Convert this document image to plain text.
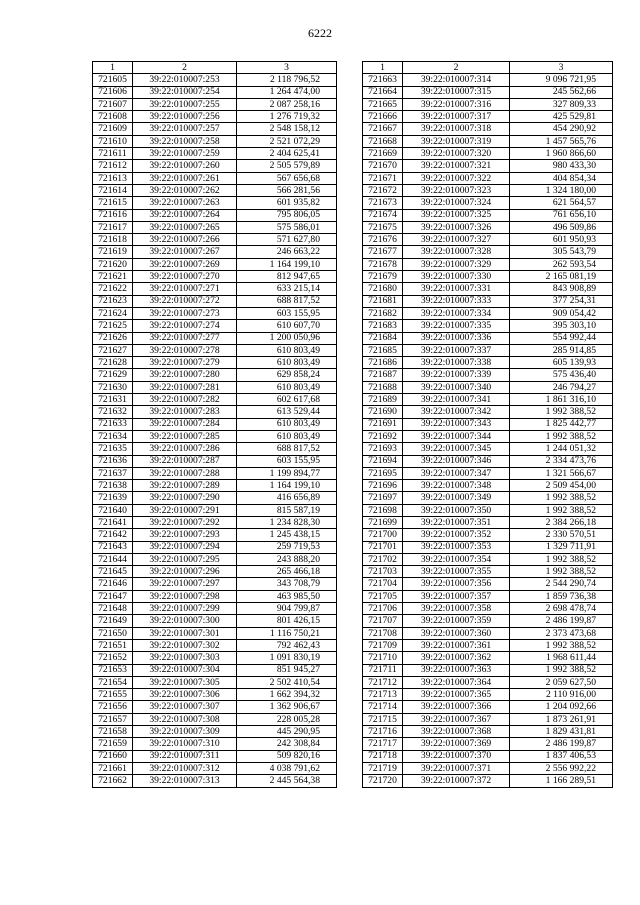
6222
1	2	3
721605	39:22:010007:253	2 118 796,52
721606	39:22:010007:254	1 264 474,00
721607	39:22:010007:255	2 087 258,16
721608	39:22:010007:256	1 276 719,32
721609	39:22:010007:257	2 548 158,12
721610	39:22:010007:258	2 521 072,29
721611	39:22:010007:259	2 404 625,41
721612	39:22:010007:260	2 505 579,89
721613	39:22:010007:261	567 656,68
721614	39:22:010007:262	566 281,56
721615	39:22:010007:263	601 935,82
721616	39:22:010007:264	795 806,05
721617	39:22:010007:265	575 586,01
721618	39:22:010007:266	571 627,80
721619	39:22:010007:267	246 663,22
721620	39:22:010007:269	1 164 199,10
721621	39:22:010007:270	812 947,65
721622	39:22:010007:271	633 215,14
721623	39:22:010007:272	688 817,52
721624	39:22:010007:273	603 155,95
721625	39:22:010007:274	610 607,70
721626	39:22:010007:277	1 200 050,96
721627	39:22:010007:278	610 803,49
721628	39:22:010007:279	610 803,49
721629	39:22:010007:280	629 858,24
721630	39:22:010007:281	610 803,49
721631	39:22:010007:282	602 617,68
721632	39:22:010007:283	613 529,44
721633	39:22:010007:284	610 803,49
721634	39:22:010007:285	610 803,49
721635	39:22:010007:286	688 817,52
721636	39:22:010007:287	603 155,95
721637	39:22:010007:288	1 199 894,77
721638	39:22:010007:289	1 164 199,10
721639	39:22:010007:290	416 656,89
721640	39:22:010007:291	815 587,19
721641	39:22:010007:292	1 234 828,30
721642	39:22:010007:293	1 245 438,15
721643	39:22:010007:294	259 719,53
721644	39:22:010007:295	243 888,20
721645	39:22:010007:296	265 466,18
721646	39:22:010007:297	343 708,79
721647	39:22:010007:298	463 985,50
721648	39:22:010007:299	904 799,87
721649	39:22:010007:300	801 426,15
721650	39:22:010007:301	1 116 750,21
721651	39:22:010007:302	792 462,43
721652	39:22:010007:303	1 091 830,19
721653	39:22:010007:304	851 945,27
721654	39:22:010007:305	2 502 410,54
721655	39:22:010007:306	1 662 394,32
721656	39:22:010007:307	1 362 906,67
721657	39:22:010007:308	228 005,28
721658	39:22:010007:309	445 290,95
721659	39:22:010007:310	242 308,84
721660	39:22:010007:311	509 820,16
721661	39:22:010007:312	4 038 791,62
721662	39:22:010007:313	2 445 564,38
1	2	3
721663	39:22:010007:314	9 096 721,95
721664	39:22:010007:315	245 562,66
721665	39:22:010007:316	327 809,33
721666	39:22:010007:317	425 529,81
721667	39:22:010007:318	454 290,92
721668	39:22:010007:319	1 457 565,76
721669	39:22:010007:320	1 960 866,60
721670	39:22:010007:321	980 433,30
721671	39:22:010007:322	404 854,34
721672	39:22:010007:323	1 324 180,00
721673	39:22:010007:324	621 564,57
721674	39:22:010007:325	761 656,10
721675	39:22:010007:326	496 509,86
721676	39:22:010007:327	601 950,93
721677	39:22:010007:328	305 543,79
721678	39:22:010007:329	262 593,54
721679	39:22:010007:330	2 165 081,19
721680	39:22:010007:331	843 908,89
721681	39:22:010007:333	377 254,31
721682	39:22:010007:334	909 054,42
721683	39:22:010007:335	395 303,10
721684	39:22:010007:336	554 992,44
721685	39:22:010007:337	285 914,85
721686	39:22:010007:338	605 139,93
721687	39:22:010007:339	575 436,40
721688	39:22:010007:340	246 794,27
721689	39:22:010007:341	1 861 316,10
721690	39:22:010007:342	1 992 388,52
721691	39:22:010007:343	1 825 442,77
721692	39:22:010007:344	1 992 388,52
721693	39:22:010007:345	1 244 051,32
721694	39:22:010007:346	2 334 473,76
721695	39:22:010007:347	1 321 566,67
721696	39:22:010007:348	2 509 454,00
721697	39:22:010007:349	1 992 388,52
721698	39:22:010007:350	1 992 388,52
721699	39:22:010007:351	2 384 266,18
721700	39:22:010007:352	2 330 570,51
721701	39:22:010007:353	1 329 711,91
721702	39:22:010007:354	1 992 388,52
721703	39:22:010007:355	1 992 388,52
721704	39:22:010007:356	2 544 290,74
721705	39:22:010007:357	1 859 736,38
721706	39:22:010007:358	2 698 478,74
721707	39:22:010007:359	2 486 199,87
721708	39:22:010007:360	2 373 473,68
721709	39:22:010007:361	1 992 388,52
721710	39:22:010007:362	1 968 611,44
721711	39:22:010007:363	1 992 388,52
721712	39:22:010007:364	2 059 627,50
721713	39:22:010007:365	2 110 916,00
721714	39:22:010007:366	1 204 092,66
721715	39:22:010007:367	1 873 261,91
721716	39:22:010007:368	1 829 431,81
721717	39:22:010007:369	2 486 199,87
721718	39:22:010007:370	1 837 406,53
721719	39:22:010007:371	2 556 992,22
721720	39:22:010007:372	1 166 289,51
